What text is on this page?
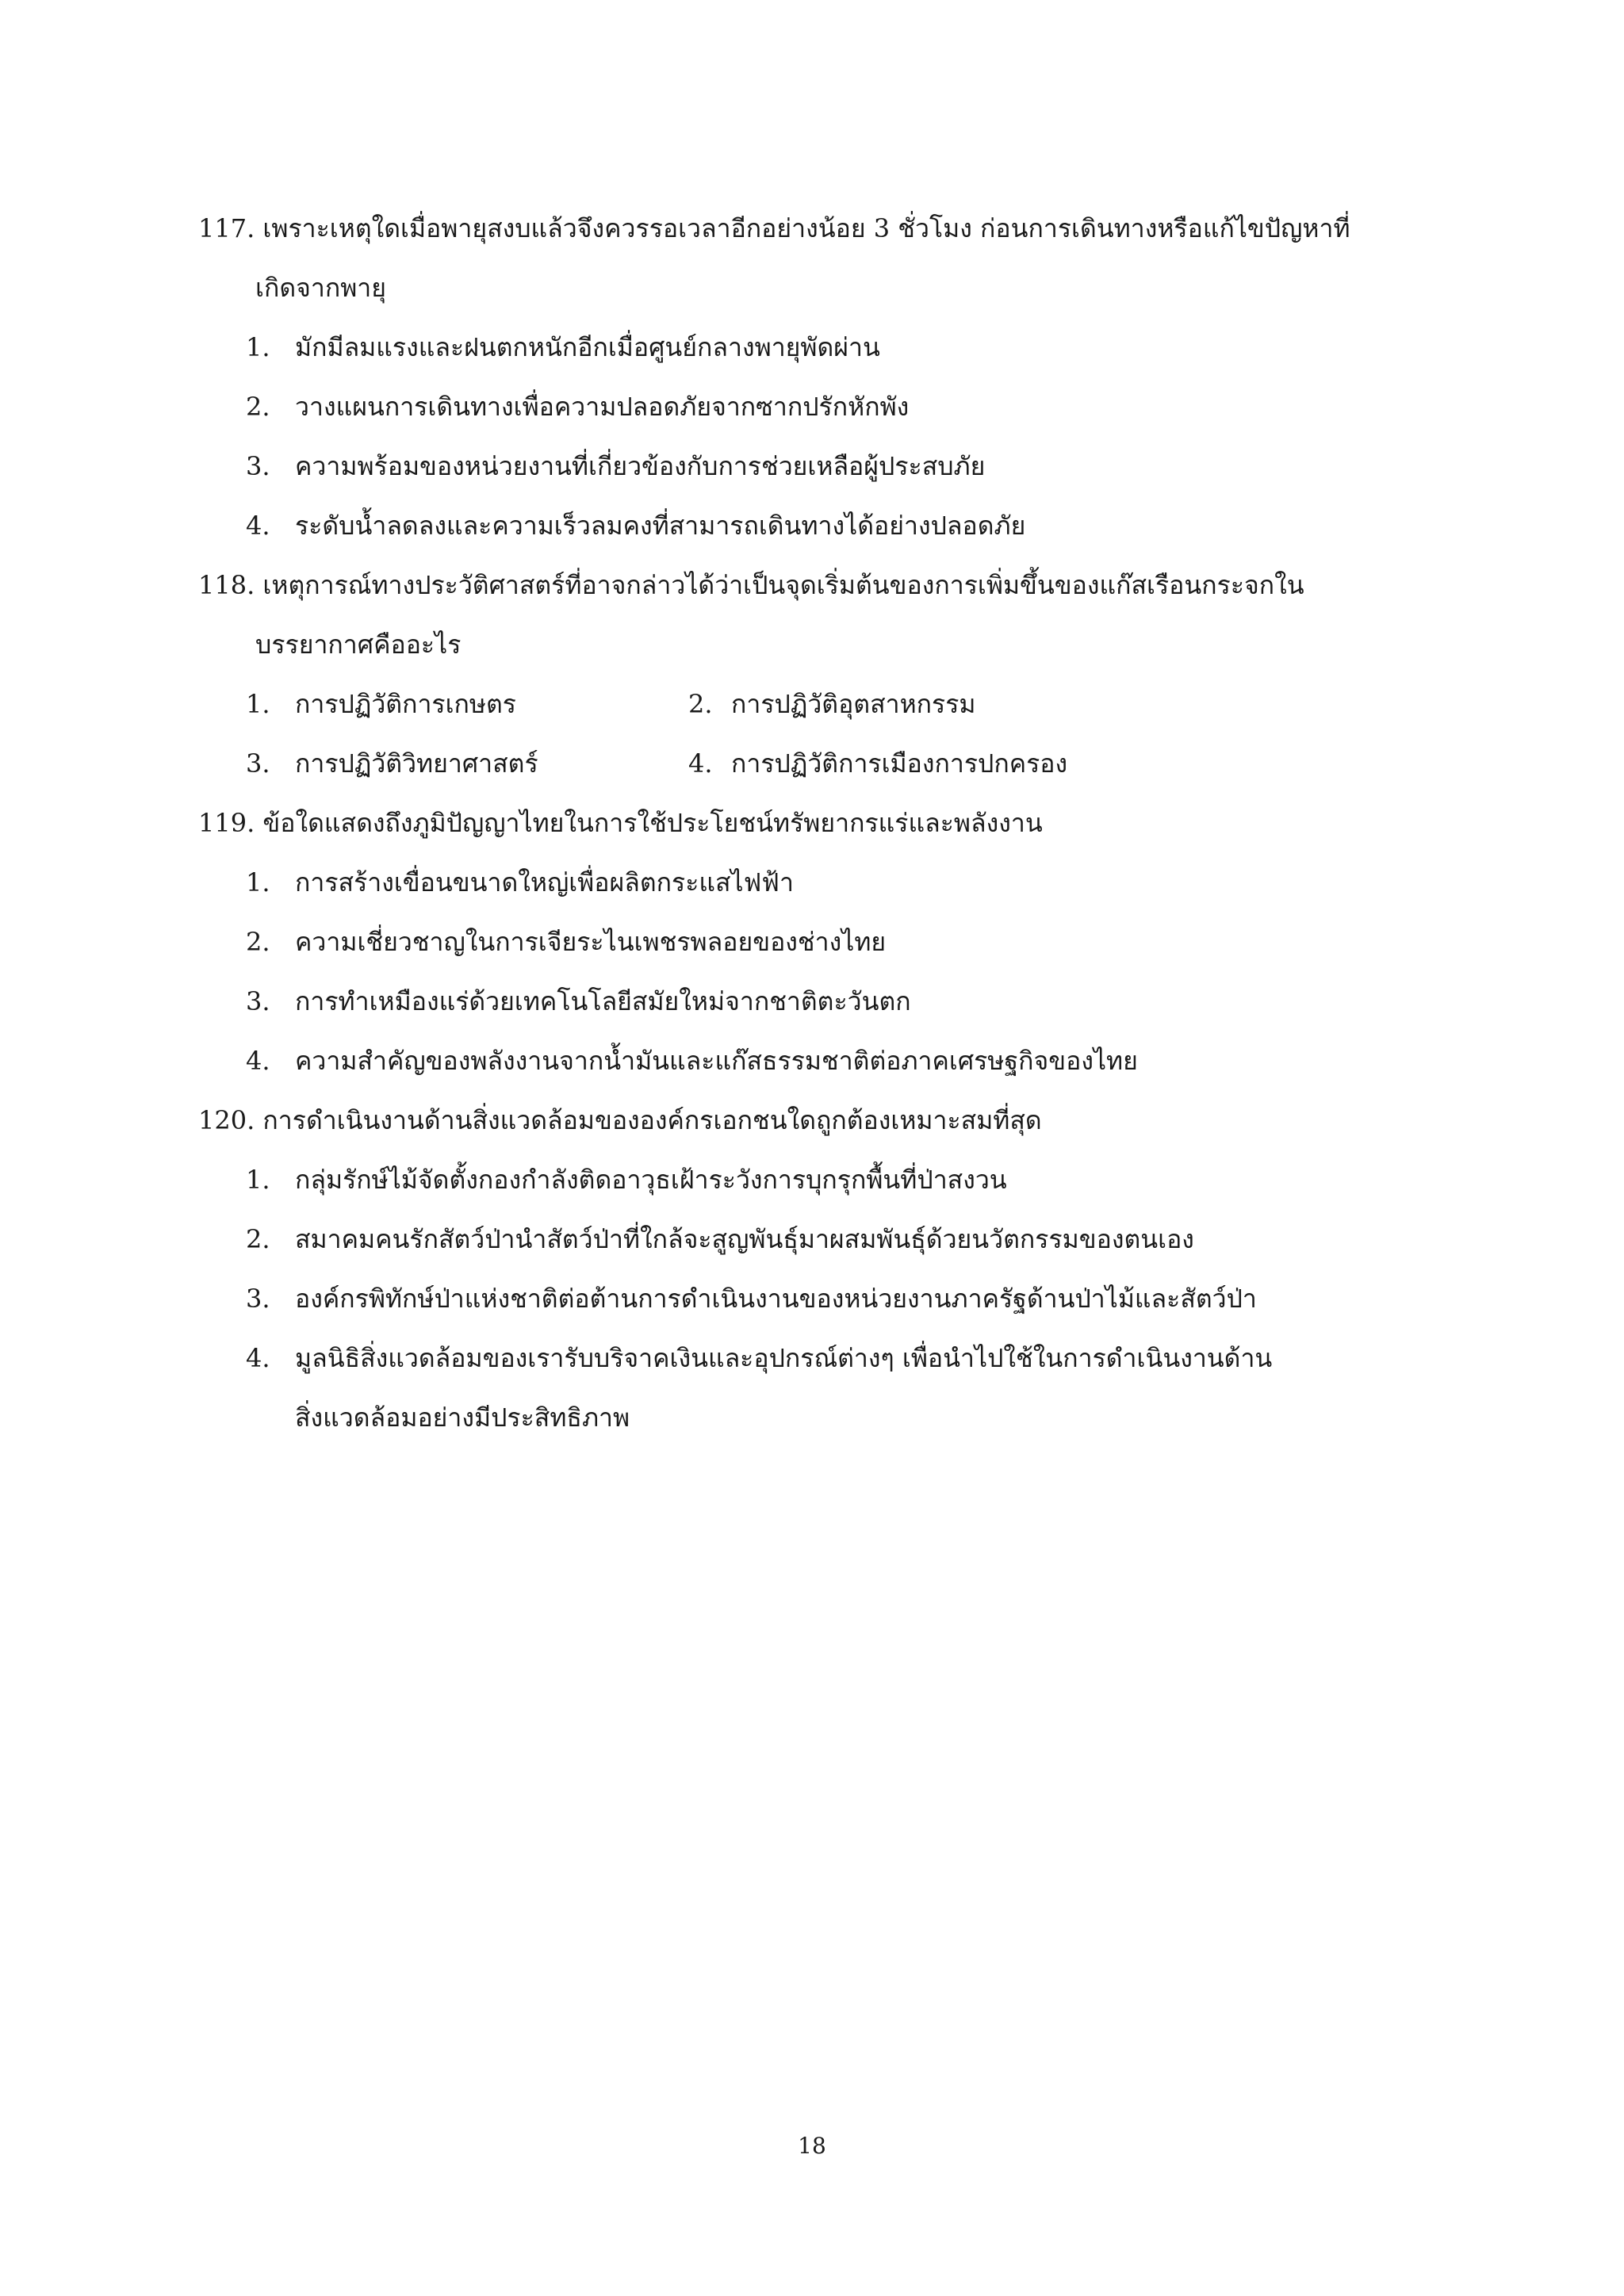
117. เพราะเหตุใดเมื่อพายุสงบแล้วจึงควรรอเวลาอีกอย่างน้อย 3 ชั่วโมง ก่อนการเดินทางหรือแก้ไขปัญหาที่
เกิดจากพายุ
1. มักมีลมแรงและฝนตกหนักอีกเมื่อศูนย์กลางพายุพัดผ่าน
2. วางแผนการเดินทางเพื่อความปลอดภัยจากซากปรักหักพัง
3. ความพร้อมของหน่วยงานที่เกี่ยวข้องกับการช่วยเหลือผู้ประสบภัย
4. ระดับน้ำลดลงและความเร็วลมคงที่สามารถเดินทางได้อย่างปลอดภัย
118. เหตุการณ์ทางประวัติศาสตร์ที่อาจกล่าวได้ว่าเป็นจุดเริ่มต้นของการเพิ่มขึ้นของแก๊สเรือนกระจกใน
บรรยากาศคืออะไร
1. การปฏิวัติการเกษตร	2. การปฏิวัติอุตสาหกรรม
3. การปฏิวัติวิทยาศาสตร์	4. การปฏิวัติการเมืองการปกครอง
119. ข้อใดแสดงถึงภูมิปัญญาไทยในการใช้ประโยชน์ทรัพยากรแร่และพลังงาน
1. การสร้างเขื่อนขนาดใหญ่เพื่อผลิตกระแสไฟฟ้า
2. ความเชี่ยวชาญในการเจียระไนเพชรพลอยของช่างไทย
3. การทำเหมืองแร่ด้วยเทคโนโลยีสมัยใหม่จากชาติตะวันตก
4. ความสำคัญของพลังงานจากน้ำมันและแก๊สธรรมชาติต่อภาคเศรษฐกิจของไทย
120. การดำเนินงานด้านสิ่งแวดล้อมขององค์กรเอกชนใดถูกต้องเหมาะสมที่สุด
1. กลุ่มรักษ์ไม้จัดตั้งกองกำลังติดอาวุธเฝ้าระวังการบุกรุกพื้นที่ป่าสงวน
2. สมาคมคนรักสัตว์ป่านำสัตว์ป่าที่ใกล้จะสูญพันธุ์มาผสมพันธุ์ด้วยนวัตกรรมของตนเอง
3. องค์กรพิทักษ์ป่าแห่งชาติต่อต้านการดำเนินงานของหน่วยงานภาครัฐด้านป่าไม้และสัตว์ป่า
4. มูลนิธิสิ่งแวดล้อมของเรารับบริจาคเงินและอุปกรณ์ต่างๆ เพื่อนำไปใช้ในการดำเนินงานด้าน
สิ่งแวดล้อมอย่างมีประสิทธิภาพ
18
